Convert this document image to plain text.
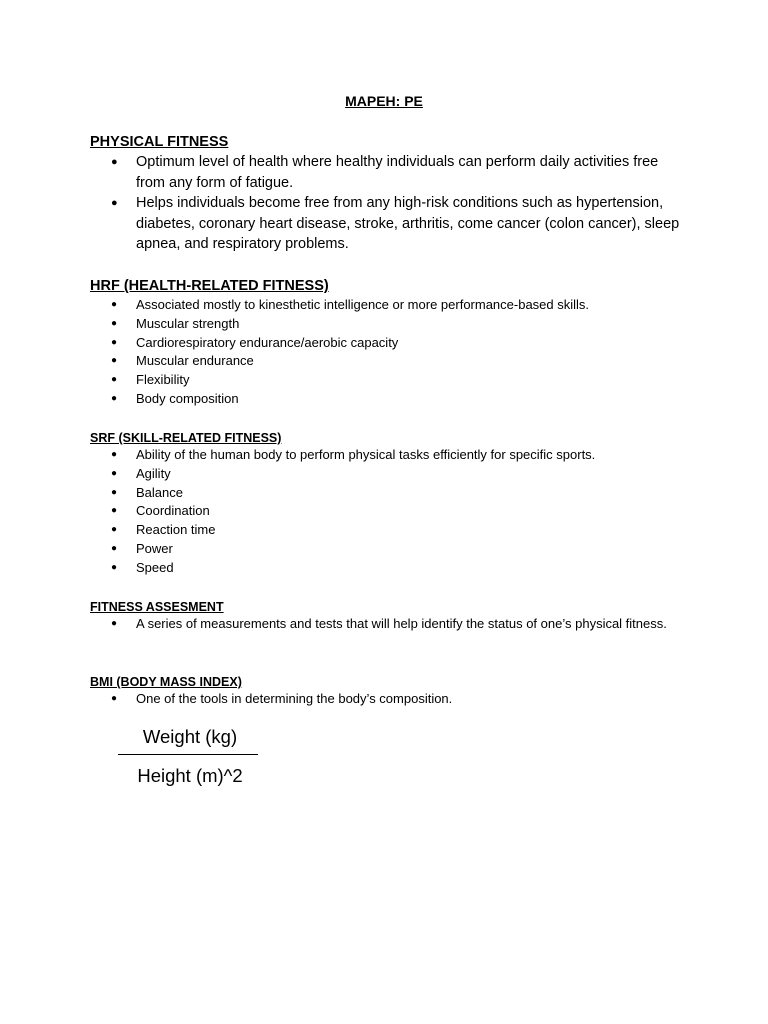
MAPEH: PE
PHYSICAL FITNESS
● Optimum level of health where healthy individuals can perform daily activities free from any form of fatigue.
● Helps individuals become free from any high-risk conditions such as hypertension, diabetes, coronary heart disease, stroke, arthritis, come cancer (colon cancer), sleep apnea, and respiratory problems.
HRF (HEALTH-RELATED FITNESS)
● Associated mostly to kinesthetic intelligence or more performance-based skills.
● Muscular strength
● Cardiorespiratory endurance/aerobic capacity
● Muscular endurance
● Flexibility
● Body composition
SRF (SKILL-RELATED FITNESS)
● Ability of the human body to perform physical tasks efficiently for specific sports.
● Agility
● Balance
● Coordination
● Reaction time
● Power
● Speed
FITNESS ASSESMENT
● A series of measurements and tests that will help identify the status of one’s physical fitness.
BMI (BODY MASS INDEX)
● One of the tools in determining the body’s composition.
Weight (kg)
Height (m)^2
